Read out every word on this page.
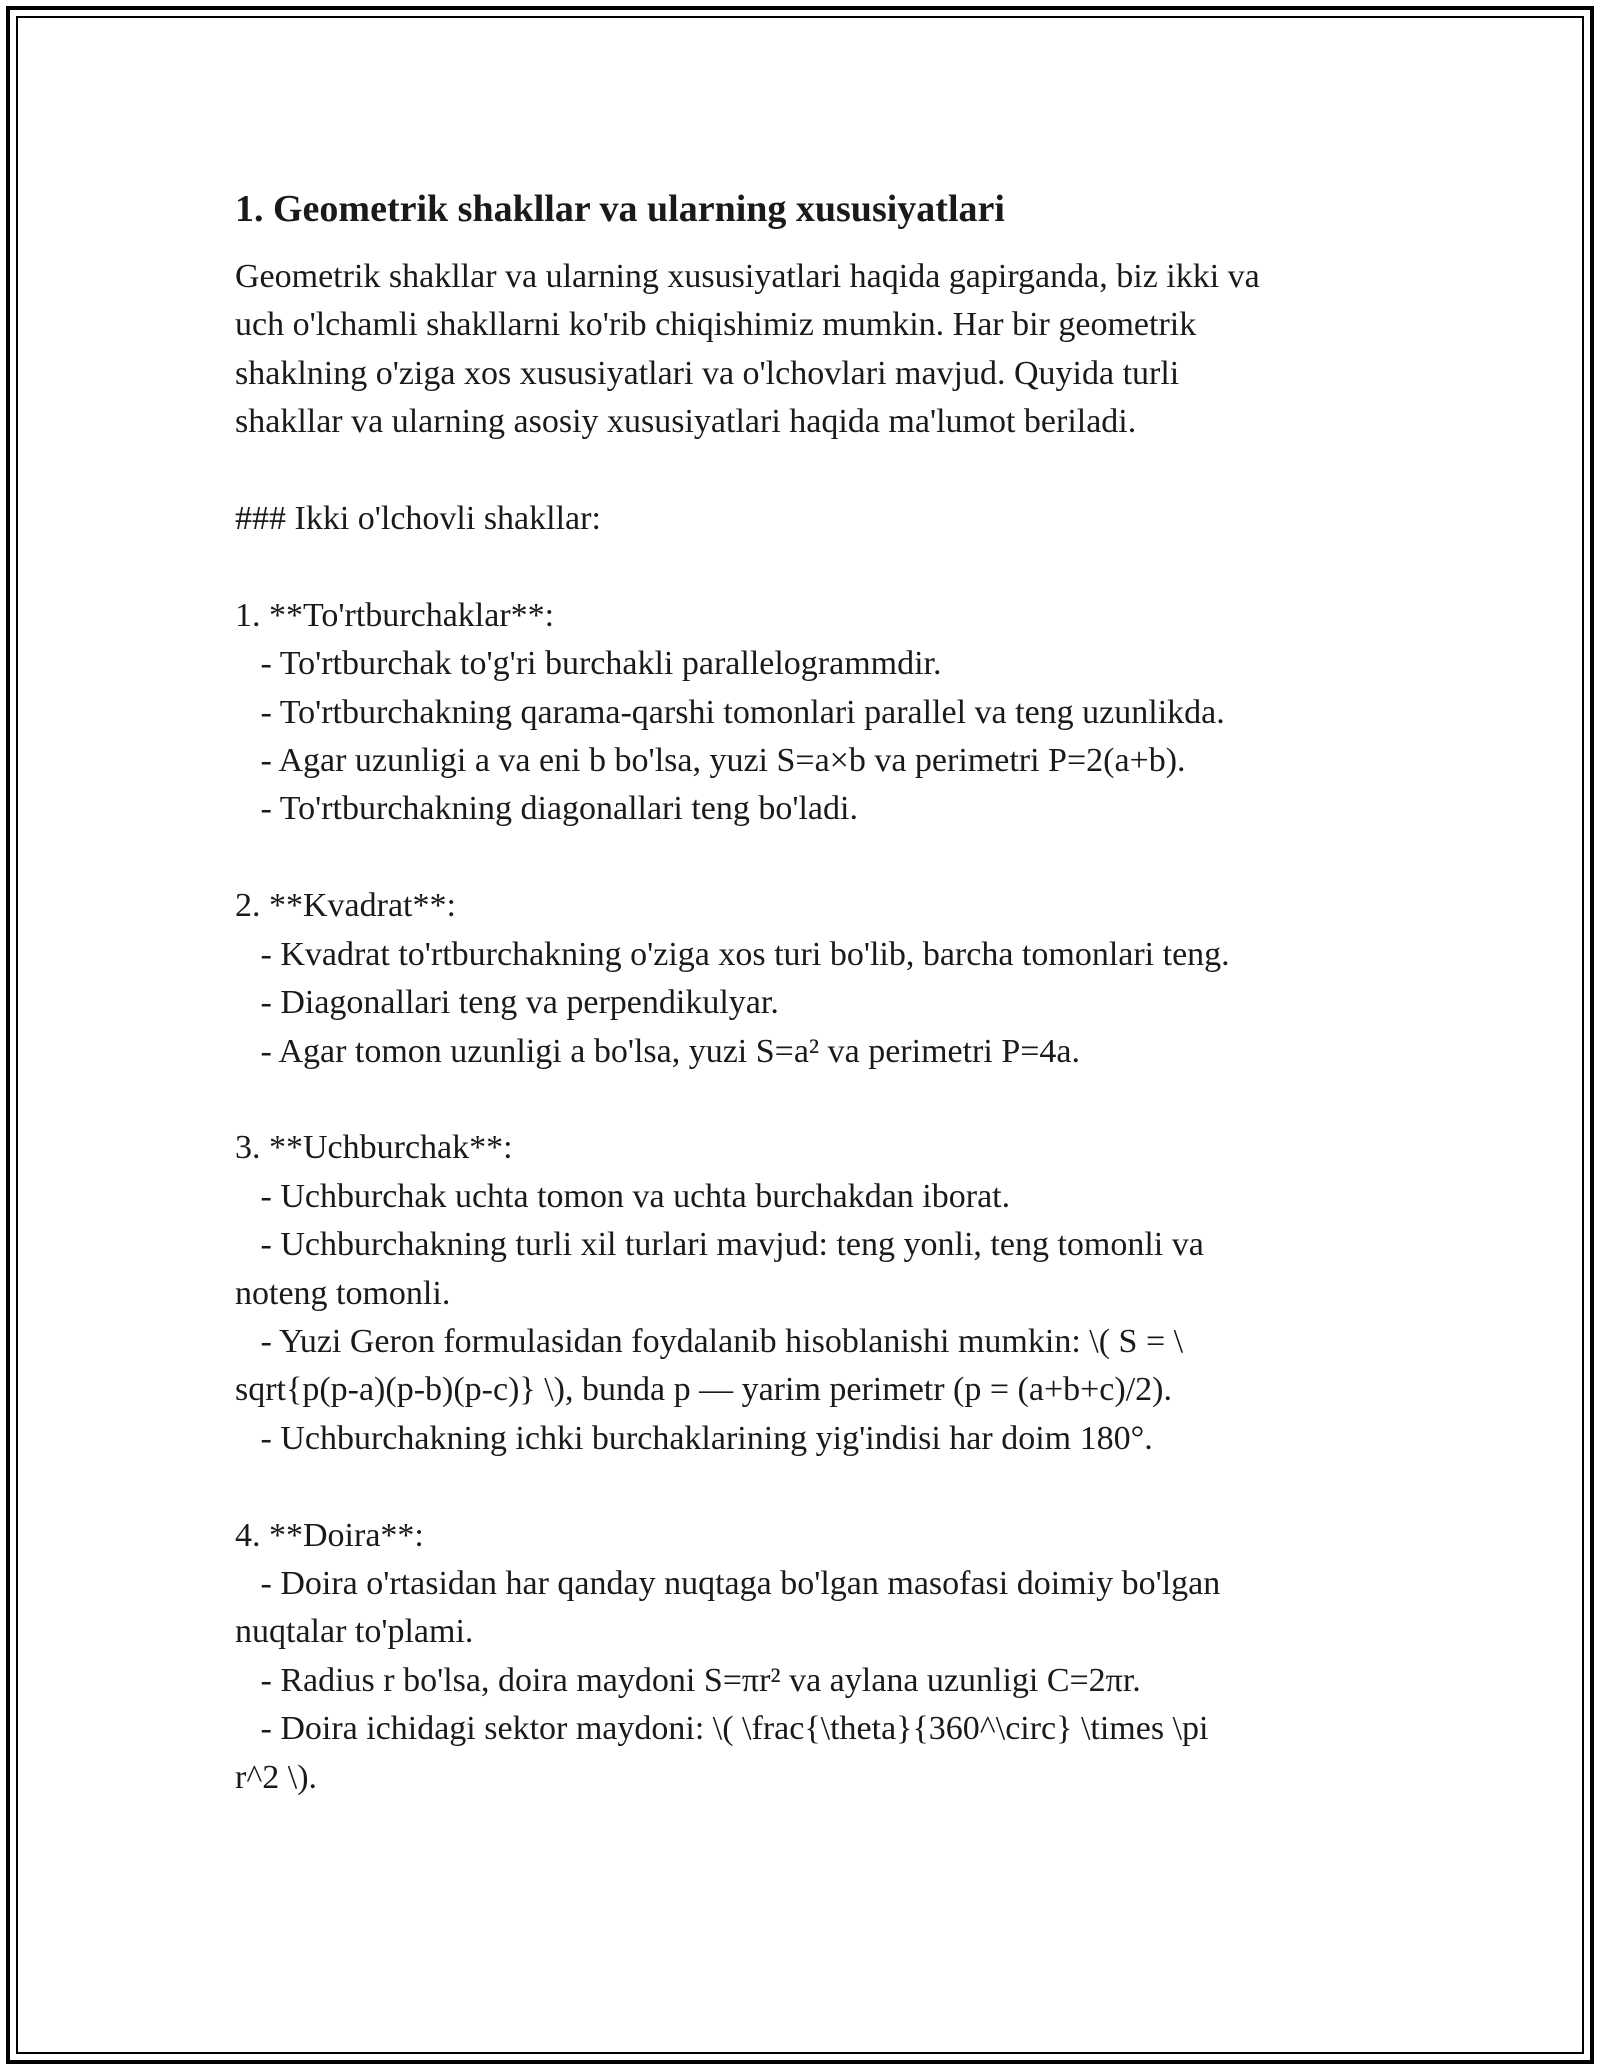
1. Geometrik shakllar va ularning xususiyatlari

Geometrik shakllar va ularning xususiyatlari haqida gapirganda, biz ikki va
uch o'lchamli shakllarni ko'rib chiqishimiz mumkin. Har bir geometrik
shaklning o'ziga xos xususiyatlari va o'lchovlari mavjud. Quyida turli
shakllar va ularning asosiy xususiyatlari haqida ma'lumot beriladi.

### Ikki o'lchovli shakllar:

1. **To'rtburchaklar**:
- To'rtburchak to'g'ri burchakli parallelogrammdir.
- To'rtburchakning qarama-qarshi tomonlari parallel va teng uzunlikda.
- Agar uzunligi a va eni b bo'lsa, yuzi S=a×b va perimetri P=2(a+b).
- To'rtburchakning diagonallari teng bo'ladi.

2. **Kvadrat**:
- Kvadrat to'rtburchakning o'ziga xos turi bo'lib, barcha tomonlari teng.
- Diagonallari teng va perpendikulyar.
- Agar tomon uzunligi a bo'lsa, yuzi S=a² va perimetri P=4a.

3. **Uchburchak**:
- Uchburchak uchta tomon va uchta burchakdan iborat.
- Uchburchakning turli xil turlari mavjud: teng yonli, teng tomonli va
noteng tomonli.
- Yuzi Geron formulasidan foydalanib hisoblanishi mumkin: \( S = \
sqrt{p(p-a)(p-b)(p-c)} \), bunda p — yarim perimetr (p = (a+b+c)/2).
- Uchburchakning ichki burchaklarining yig'indisi har doim 180°.

4. **Doira**:
- Doira o'rtasidan har qanday nuqtaga bo'lgan masofasi doimiy bo'lgan
nuqtalar to'plami.
- Radius r bo'lsa, doira maydoni S=πr² va aylana uzunligi C=2πr.
- Doira ichidagi sektor maydoni: \( \frac{\theta}{360^\circ} \times \pi
r^2 \).
